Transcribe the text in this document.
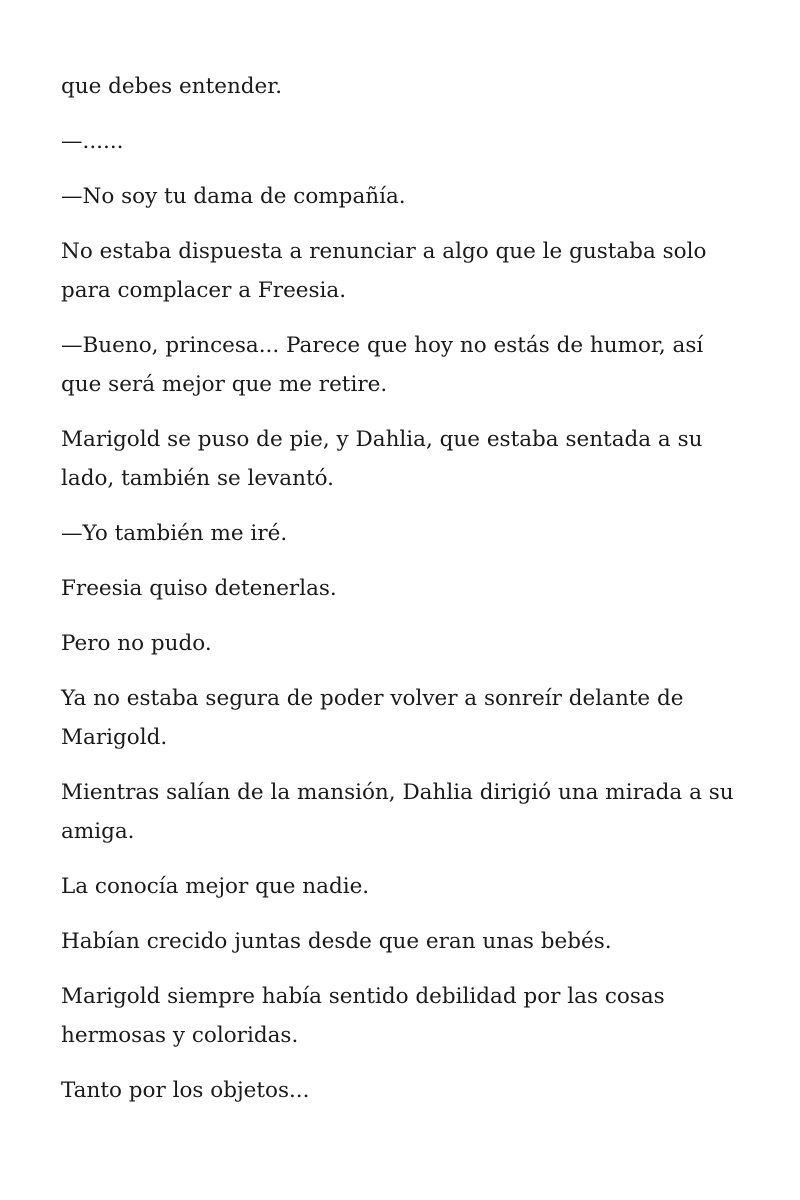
que debes entender.

—......

—No soy tu dama de compañía.

No estaba dispuesta a renunciar a algo que le gustaba solo para complacer a Freesia.

—Bueno, princesa... Parece que hoy no estás de humor, así que será mejor que me retire.

Marigold se puso de pie, y Dahlia, que estaba sentada a su lado, también se levantó.

—Yo también me iré.

Freesia quiso detenerlas.

Pero no pudo.

Ya no estaba segura de poder volver a sonreír delante de Marigold.

Mientras salían de la mansión, Dahlia dirigió una mirada a su amiga.

La conocía mejor que nadie.

Habían crecido juntas desde que eran unas bebés.

Marigold siempre había sentido debilidad por las cosas hermosas y coloridas.

Tanto por los objetos...
